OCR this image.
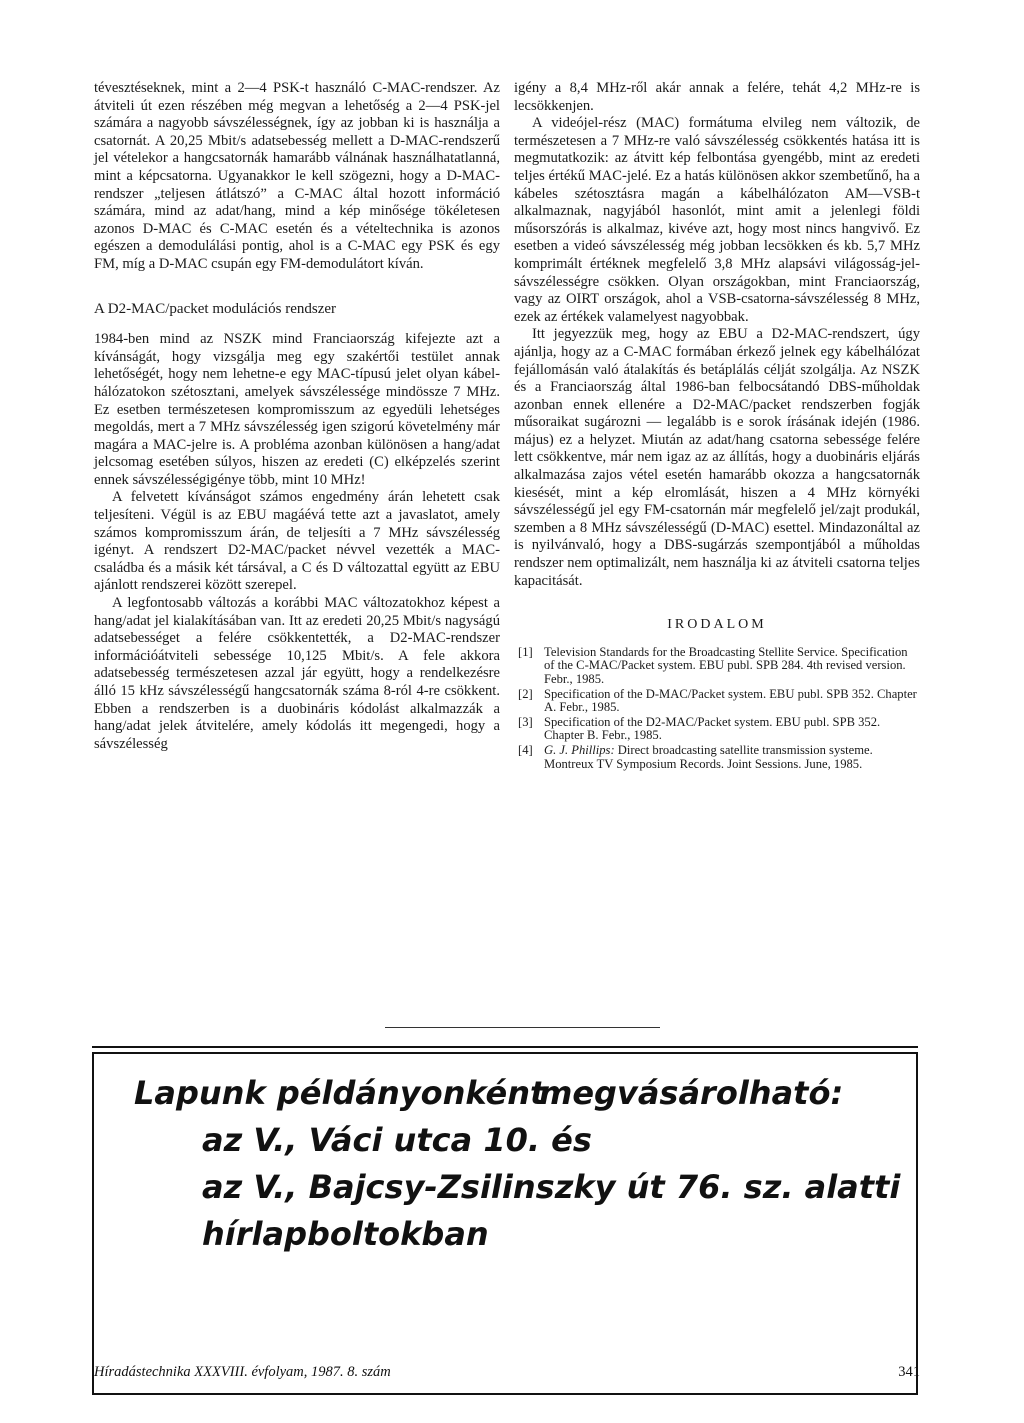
tévesztéseknek, mint a 2—4 PSK-t használó C-MAC-rendszer. Az átviteli út ezen részében még megvan a lehetőség a 2—4 PSK-jel számára a nagyobb sávszélességnek, így az jobban ki is használja a csatornát. A 20,25 Mbit/s adatsebesség mellett a D-MAC-rendszerű jel vételekor a hangcsatornák hamarább válnának használhatatlanná, mint a képcsatorna. Ugyanakkor le kell szögezni, hogy a D-MAC-rendszer „teljesen átlátszó” a C-MAC által hozott információ számára, mind az adat/hang, mind a kép minősége tökéletesen azonos D-MAC és C-MAC esetén és a vételtechnika is azonos egészen a demodulálási pontig, ahol is a C-MAC egy PSK és egy FM, míg a D-MAC csupán egy FM-demodulátort kíván.

A D2-MAC/packet modulációs rendszer

1984-ben mind az NSZK mind Franciaország kifejezte azt a kívánságát, hogy vizsgálja meg egy szakértői testület annak lehetőségét, hogy nem lehetne-e egy MAC-típusú jelet olyan kábel-hálózatokon szétosztani, amelyek sávszélessége mindössze 7 MHz. Ez esetben természetesen kompromisszum az egyedüli lehetséges megoldás, mert a 7 MHz sávszélesség igen szigorú követelmény már magára a MAC-jelre is. A probléma azonban különösen a hang/adat jelcsomag esetében súlyos, hiszen az eredeti (C) elképzelés szerint ennek sávszélességigénye több, mint 10 MHz!

A felvetett kívánságot számos engedmény árán lehetett csak teljesíteni. Végül is az EBU magáévá tette azt a javaslatot, amely számos kompromisszum árán, de teljesíti a 7 MHz sávszélesség igényt. A rendszert D2-MAC/packet névvel vezették a MAC-családba és a másik két társával, a C és D változattal együtt az EBU ajánlott rendszerei között szerepel.

A legfontosabb változás a korábbi MAC változatokhoz képest a hang/adat jel kialakításában van. Itt az eredeti 20,25 Mbit/s nagyságú adatsebességet a felére csökkentették, a D2-MAC-rendszer információátviteli sebessége 10,125 Mbit/s. A fele akkora adatsebesség természetesen azzal jár együtt, hogy a rendelkezésre álló 15 kHz sávszélességű hangcsatornák száma 8-ról 4-re csökkent. Ebben a rendszerben is a duobináris kódolást alkalmazzák a hang/adat jelek átvitelére, amely kódolás itt megengedi, hogy a sávszélesség

igény a 8,4 MHz-ről akár annak a felére, tehát 4,2 MHz-re is lecsökkenjen.

A videójel-rész (MAC) formátuma elvileg nem változik, de természetesen a 7 MHz-re való sávszélesség csökkentés hatása itt is megmutatkozik: az átvitt kép felbontása gyengébb, mint az eredeti teljes értékű MAC-jelé. Ez a hatás különösen akkor szembetűnő, ha a kábeles szétosztásra magán a kábelhálózaton AM—VSB-t alkalmaznak, nagyjából hasonlót, mint amit a jelenlegi földi műsorszórás is alkalmaz, kivéve azt, hogy most nincs hangvivő. Ez esetben a videó sávszélesség még jobban lecsökken és kb. 5,7 MHz komprimált értéknek megfelelő 3,8 MHz alapsávi világosság-jel-sávszélességre csökken. Olyan országokban, mint Franciaország, vagy az OIRT országok, ahol a VSB-csatorna-sávszélesség 8 MHz, ezek az értékek valamelyest nagyobbak.

Itt jegyezzük meg, hogy az EBU a D2-MAC-rendszert, úgy ajánlja, hogy az a C-MAC formában érkező jelnek egy kábelhálózat fejállomásán való átalakítás és betáplálás célját szolgálja. Az NSZK és a Franciaország által 1986-ban felbocsátandó DBS-műholdak azonban ennek ellenére a D2-MAC/packet rendszerben fogják műsoraikat sugározni — legalább is e sorok írásának idején (1986. május) ez a helyzet. Miután az adat/hang csatorna sebessége felére lett csökkentve, már nem igaz az az állítás, hogy a duobináris eljárás alkalmazása zajos vétel esetén hamarább okozza a hangcsatornák kiesését, mint a kép elromlását, hiszen a 4 MHz környéki sávszélességű jel egy FM-csatornán már megfelelő jel/zajt produkál, szemben a 8 MHz sávszélességű (D-MAC) esettel. Mindazonáltal az is nyilvánvaló, hogy a DBS-sugárzás szempontjából a műholdas rendszer nem optimalizált, nem használja ki az átviteli csatorna teljes kapacitását.

IRODALOM
[1] Television Standards for the Broadcasting Stellite Service. Specification of the C-MAC/Packet system. EBU publ. SPB 284. 4th revised version. Febr., 1985.
[2] Specification of the D-MAC/Packet system. EBU publ. SPB 352. Chapter A. Febr., 1985.
[3] Specification of the D2-MAC/Packet system. EBU publ. SPB 352. Chapter B. Febr., 1985.
[4] G. J. Phillips: Direct broadcasting satellite transmission systeme. Montreux TV Symposium Records. Joint Sessions. June, 1985.
Lapunk példányonként
megvásárolható:
az V., Váci utca 10. és
az V., Bajcsy-Zsilinszky út 76. sz. alatti
hírlapboltokban
Híradástechnika XXXVIII. évfolyam, 1987. 8. szám	341
